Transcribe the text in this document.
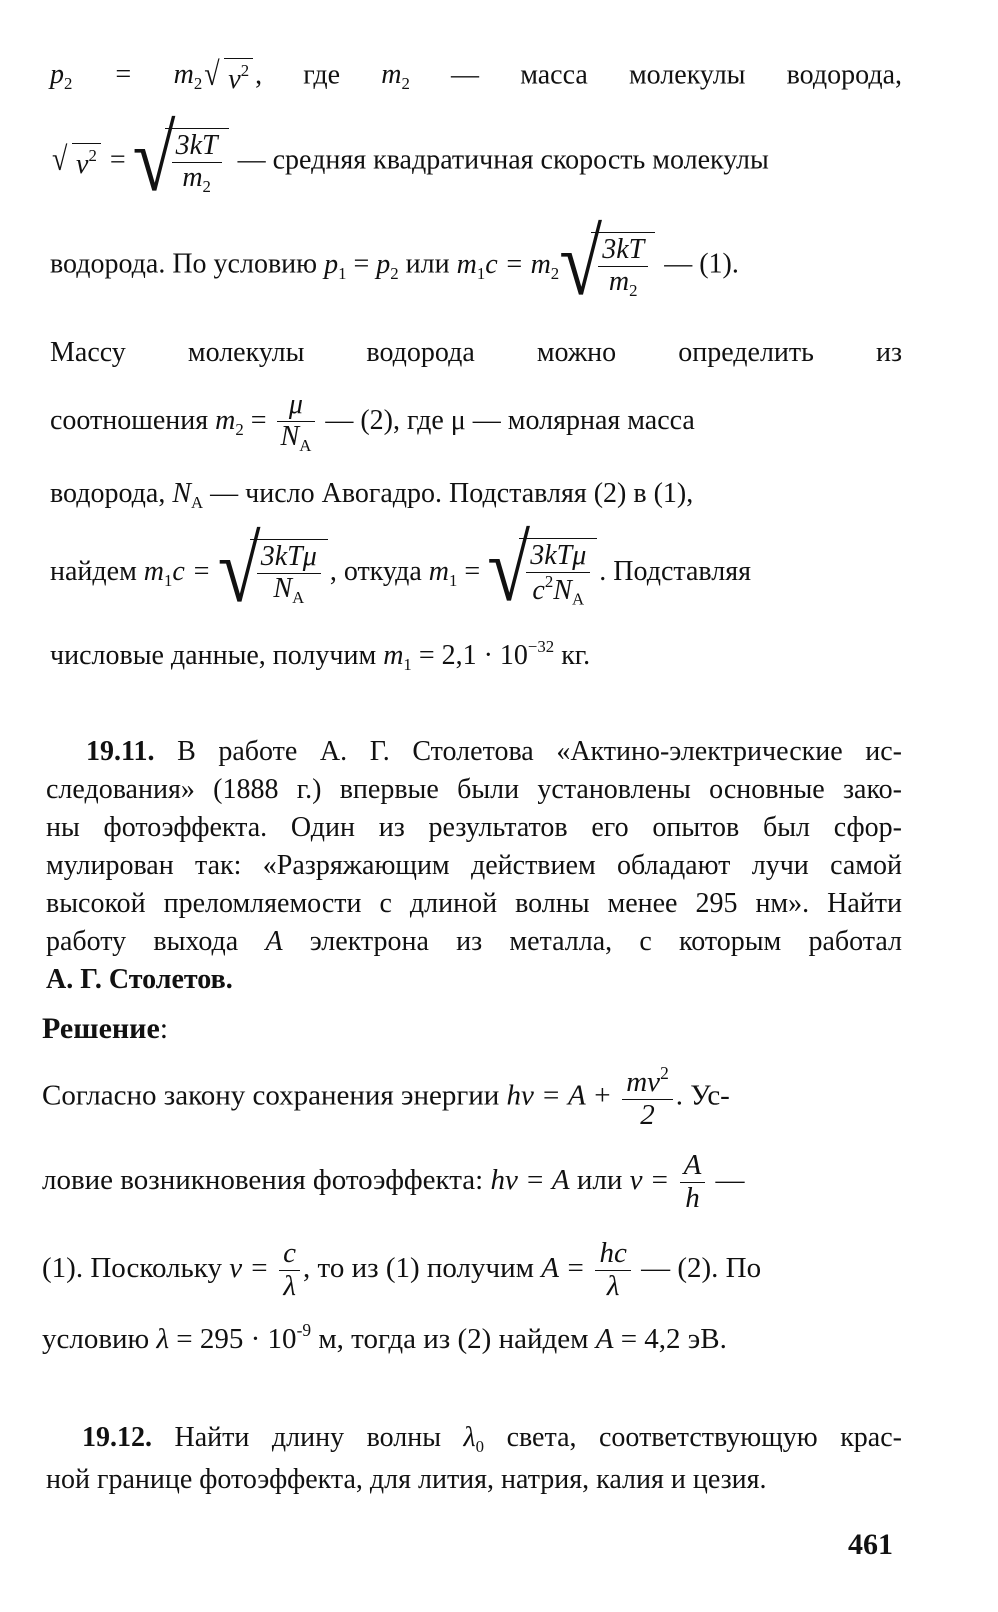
$p_2 = m_2$ √ $v^2$ , где $m_2$ — масса молекулы водорода,
√ $v^2$ = √
$\frac{3kT}{m_2}$ — средняя квадратичная скорость молекулы
водорода. По условию $p_1 = p_2$ или $m_1c = m_2$ √
$\frac{3kT}{m_2}$ — (1).
Массу молекулы водорода можно определить из
соотношения $m_2 = \frac{\mu}{N_A}$ — (2), где μ — молярная масса
водорода, $N_A$ — число Авогадро. Подставляя (2) в (1),
найдем $m_1c$ = √
$\frac{\text{3kTμ}}{N_A}$ , откуда $m_1$ = √
$\frac{\text{3kTμ}}{c^2N_A}$ . Подставляя
числовые данные, получим $m_1 = 2,1 \cdot 10^{-32}$ кг.
19.11. В работе А. Г. Столетова «Актино-электрические ис-
следования» (1888 г.) впервые были установлены основные зако-
ны фотоэффекта. Один из результатов его опытов был сфор-
мулирован так: «Разряжающим действием обладают лучи самой
высокой преломляемости с длиной волны менее 295 нм». Найти
работу выхода A электрона из металла, с которым работал
А. Г. Столетов.
Решение:
Согласно закону сохранения энергии $h\nu = A + \frac{mv^2}{2}$ . Ус-
ловие возникновения фотоэффекта: hν = A или $\nu = \frac{A}{h}$ —
(1). Поскольку $\nu = \frac{c}{\lambda}$ , то из (1) получим $A = \frac{hc}{\lambda}$ — (2). По
условию $\lambda = 295 \cdot 10^{-9}$ м, тогда из (2) найдем A = 4,2 эВ.
19.12. Найти длину волны $\lambda_0$ света, соответствующую крас-
ной границе фотоэффекта, для лития, натрия, калия и цезия.
461
